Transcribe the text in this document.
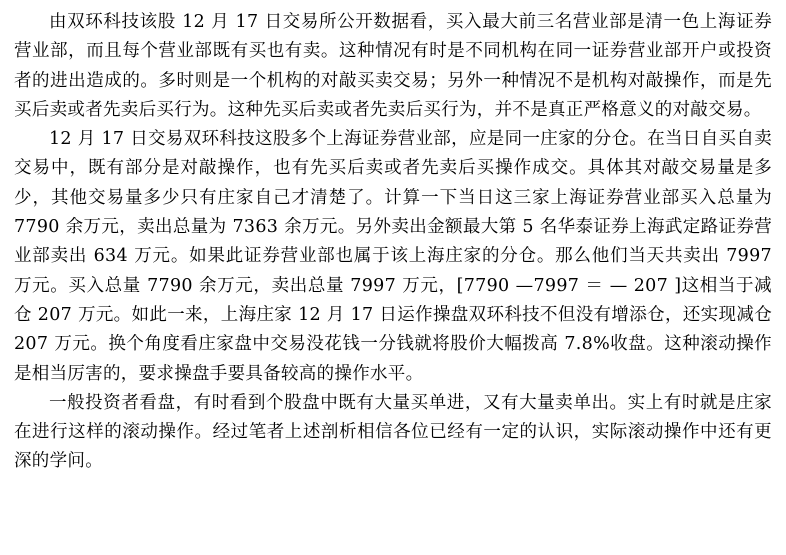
由双环科技该股 12 月 17 日交易所公开数据看，买入最大前三名营业部是清一色上海证券营业部，而且每个营业部既有买也有卖。这种情况有时是不同机构在同一证券营业部开户或投资者的进出造成的。多时则是一个机构的对敲买卖交易；另外一种情况不是机构对敲操作，而是先买后卖或者先卖后买行为。这种先买后卖或者先卖后买行为，并不是真正严格意义的对敲交易。

12 月 17 日交易双环科技这股多个上海证券营业部，应是同一庄家的分仓。在当日自买自卖交易中，既有部分是对敲操作，也有先买后卖或者先卖后买操作成交。具体其对敲交易量是多少，其他交易量多少只有庄家自己才清楚了。计算一下当日这三家上海证券营业部买入总量为 7790 余万元，卖出总量为 7363 余万元。另外卖出金额最大第 5 名华泰证券上海武定路证券营业部卖出 634 万元。如果此证券营业部也属于该上海庄家的分仓。那么他们当天共卖出 7997 万元。买入总量 7790 余万元，卖出总量 7997 万元，[7790 —7997 ＝ — 207 ]这相当于减仓 207 万元。如此一来，上海庄家 12 月 17 日运作操盘双环科技不但没有增添仓，还实现减仓 207 万元。换个角度看庄家盘中交易没花钱一分钱就将股价大幅拨高 7.8%收盘。这种滚动操作是相当厉害的，要求操盘手要具备较高的操作水平。

一般投资者看盘，有时看到个股盘中既有大量买单进，又有大量卖单出。实上有时就是庄家在进行这样的滚动操作。经过笔者上述剖析相信各位已经有一定的认识，实际滚动操作中还有更深的学问。
